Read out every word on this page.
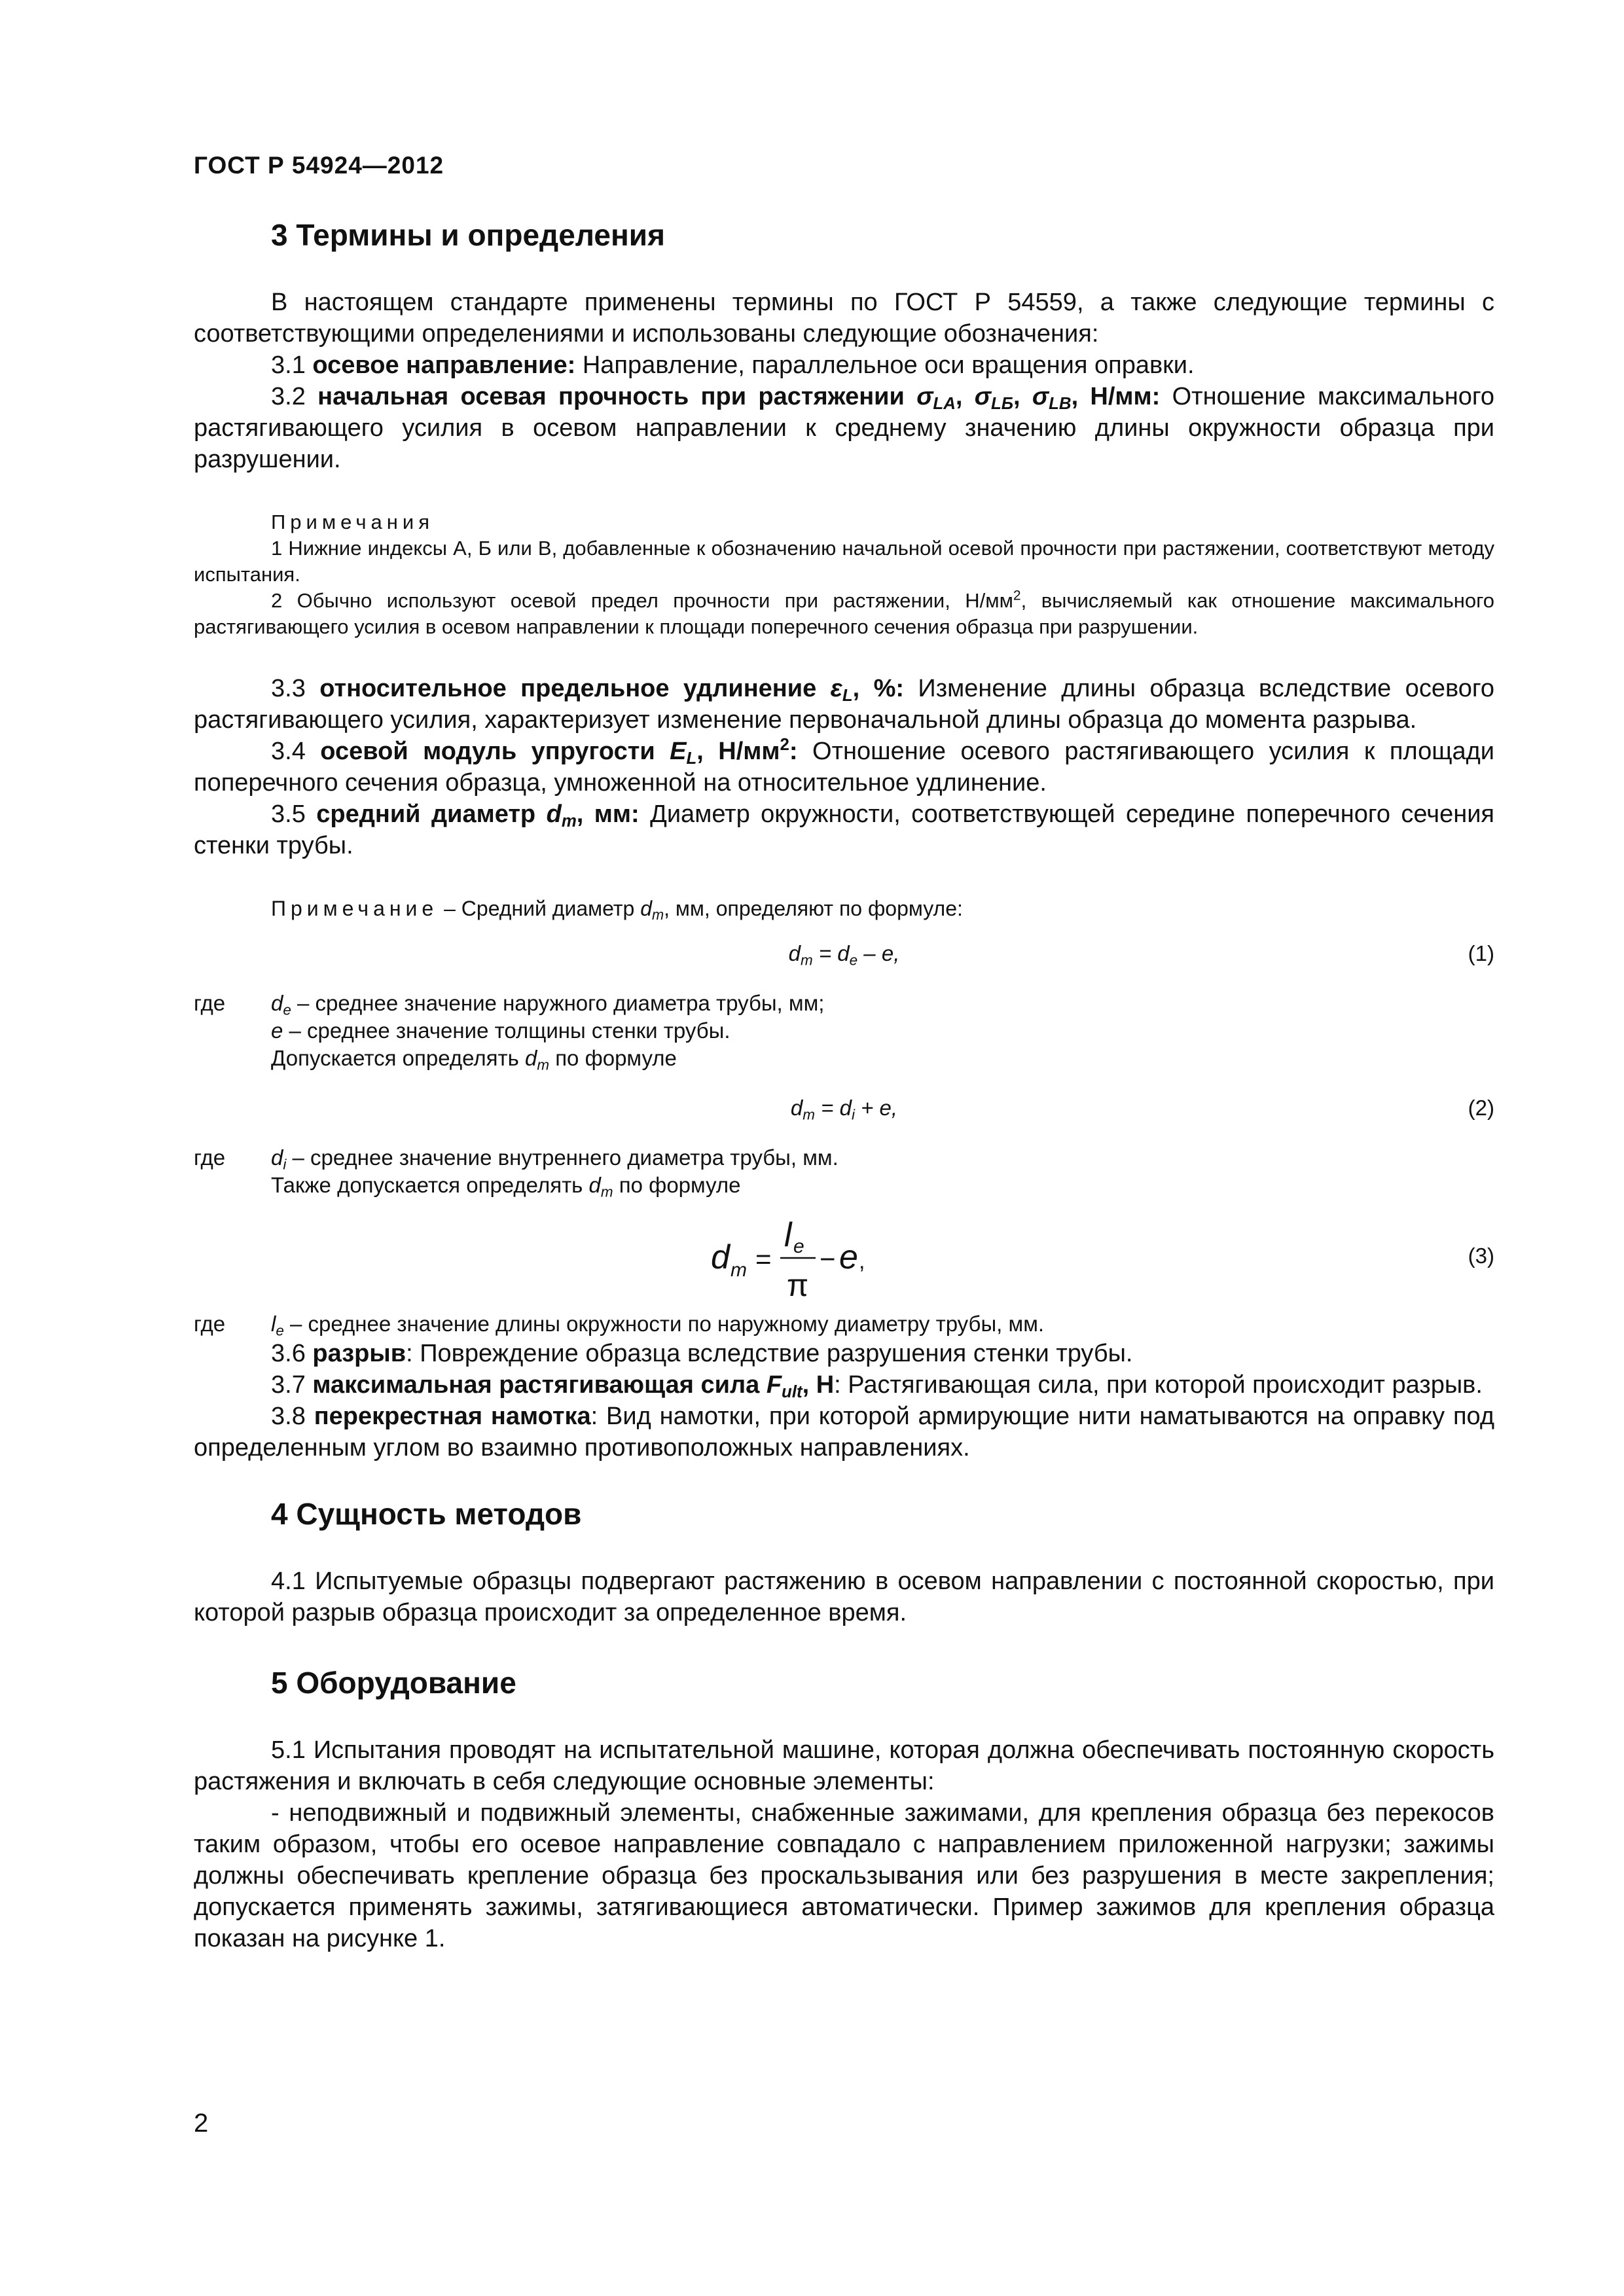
ГОСТ Р 54924—2012
3 Термины и определения

В настоящем стандарте применены термины по ГОСТ Р 54559, а также следующие термины с соответствующими определениями и использованы следующие обозначения:

3.1 осевое направление: Направление, параллельное оси вращения оправки.

3.2 начальная осевая прочность при растяжении $\sigma_{LA}$, $\sigma_{LБ}$, $\sigma_{LB}$, Н/мм: Отношение максимального растягивающего усилия в осевом направлении к среднему значению длины окружности образца при разрушении.

Примечания

1 Нижние индексы А, Б или В, добавленные к обозначению начальной осевой прочности при растяжении, соответствуют методу испытания.

2 Обычно используют осевой предел прочности при растяжении, $Н/мм^2$, вычисляемый как отношение максимального растягивающего усилия в осевом направлении к площади поперечного сечения образца при разрушении.

3.3 относительное предельное удлинение $\varepsilon_L$, %: Изменение длины образца вследствие осевого растягивающего усилия, характеризует изменение первоначальной длины образца до момента разрыва.

3.4 осевой модуль упругости $E_L$, $Н/мм^2$: Отношение осевого растягивающего усилия к площади поперечного сечения образца, умноженной на относительное удлинение.

3.5 средний диаметр $d_m$, мм: Диаметр окружности, соответствующей середине поперечного сечения стенки трубы.

Примечание – Средний диаметр $d_m$, мм, определяют по формуле:

$d_m = d_e - e$,	(1)
где $d_e$ – среднее значение наружного диаметра трубы, мм;
e – среднее значение толщины стенки трубы.
Допускается определять $d_m$ по формуле
$d_m = d_i + e$,	(2)
где $d_i$ – среднее значение внутреннего диаметра трубы, мм.
Также допускается определять $d_m$ по формуле
d m =
l e
π
− e ,	(3)
где $l_e$ – среднее значение длины окружности по наружному диаметру трубы, мм.

3.6 разрыв: Повреждение образца вследствие разрушения стенки трубы.

3.7 максимальная растягивающая сила $F_{ult}$, Н: Растягивающая сила, при которой происходит разрыв.

3.8 перекрестная намотка: Вид намотки, при которой армирующие нити наматываются на оправку под определенным углом во взаимно противоположных направлениях.

4 Сущность методов

4.1 Испытуемые образцы подвергают растяжению в осевом направлении с постоянной скоростью, при которой разрыв образца происходит за определенное время.

5 Оборудование

5.1 Испытания проводят на испытательной машине, которая должна обеспечивать постоянную скорость растяжения и включать в себя следующие основные элементы:

- неподвижный и подвижный элементы, снабженные зажимами, для крепления образца без перекосов таким образом, чтобы его осевое направление совпадало с направлением приложенной нагрузки; зажимы должны обеспечивать крепление образца без проскальзывания или без разрушения в месте закрепления; допускается применять зажимы, затягивающиеся автоматически. Пример зажимов для крепления образца показан на рисунке 1.

2
